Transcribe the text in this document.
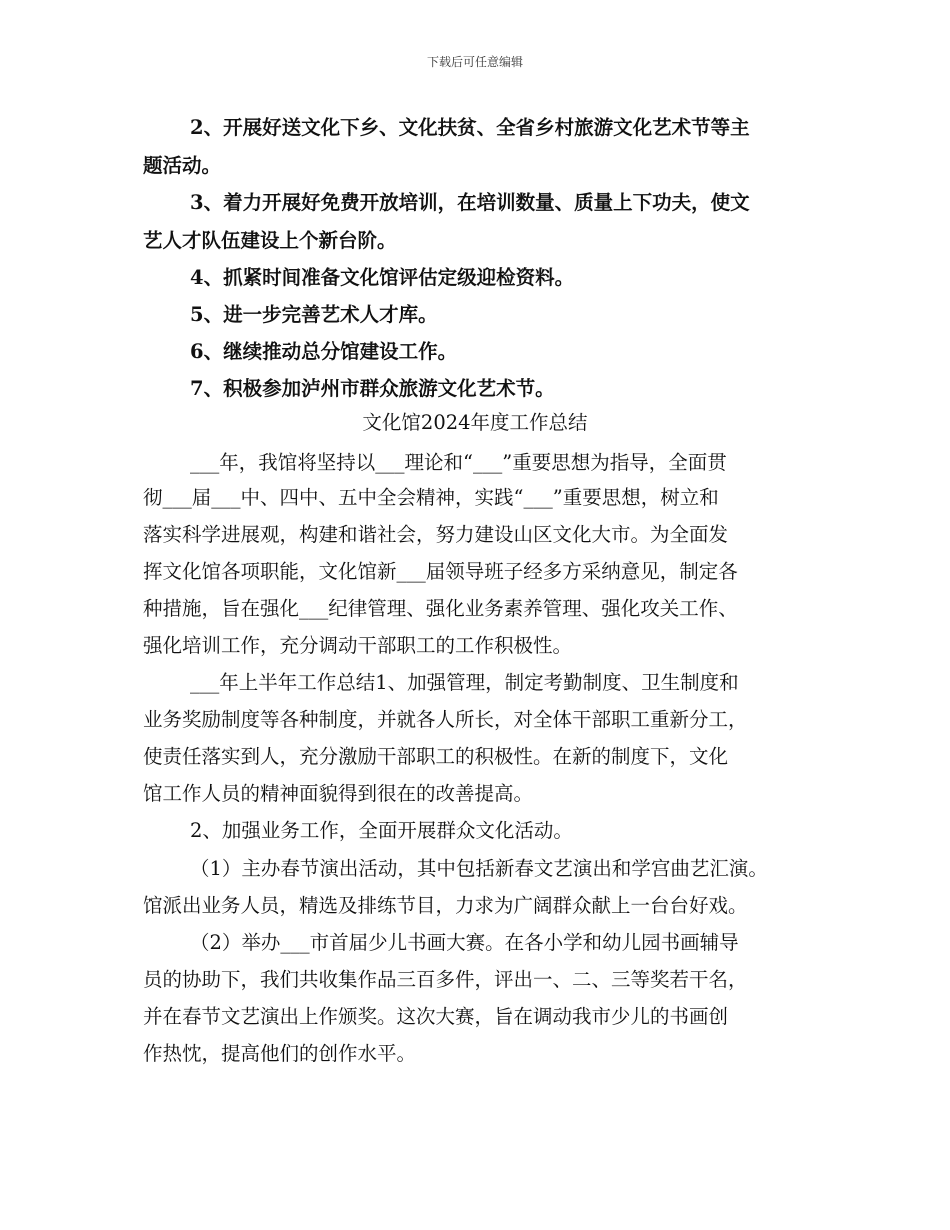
下载后可任意编辑
2、开展好送文化下乡、文化扶贫、全省乡村旅游文化艺术节等主
题活动。
3、着力开展好免费开放培训，在培训数量、质量上下功夫，使文
艺人才队伍建设上个新台阶。
4、抓紧时间准备文化馆评估定级迎检资料。
5、进一步完善艺术人才库。
6、继续推动总分馆建设工作。
7、积极参加泸州市群众旅游文化艺术节。
文化馆2024年度工作总结
___年，我馆将坚持以___理论和“___”重要思想为指导，全面贯
彻___届___中、四中、五中全会精神，实践“___”重要思想，树立和
落实科学进展观，构建和谐社会，努力建设山区文化大市。为全面发
挥文化馆各项职能，文化馆新___届领导班子经多方采纳意见，制定各
种措施，旨在强化___纪律管理、强化业务素养管理、强化攻关工作、
强化培训工作，充分调动干部职工的工作积极性。
___年上半年工作总结1、加强管理，制定考勤制度、卫生制度和
业务奖励制度等各种制度，并就各人所长，对全体干部职工重新分工，
使责任落实到人，充分激励干部职工的积极性。在新的制度下，文化
馆工作人员的精神面貌得到很在的改善提高。
2、加强业务工作，全面开展群众文化活动。
（1）主办春节演出活动，其中包括新春文艺演出和学宫曲艺汇演。
馆派出业务人员，精选及排练节目，力求为广阔群众献上一台台好戏。
（2）举办___市首届少儿书画大赛。在各小学和幼儿园书画辅导
员的协助下，我们共收集作品三百多件，评出一、二、三等奖若干名，
并在春节文艺演出上作颁奖。这次大赛，旨在调动我市少儿的书画创
作热忱，提高他们的创作水平。
